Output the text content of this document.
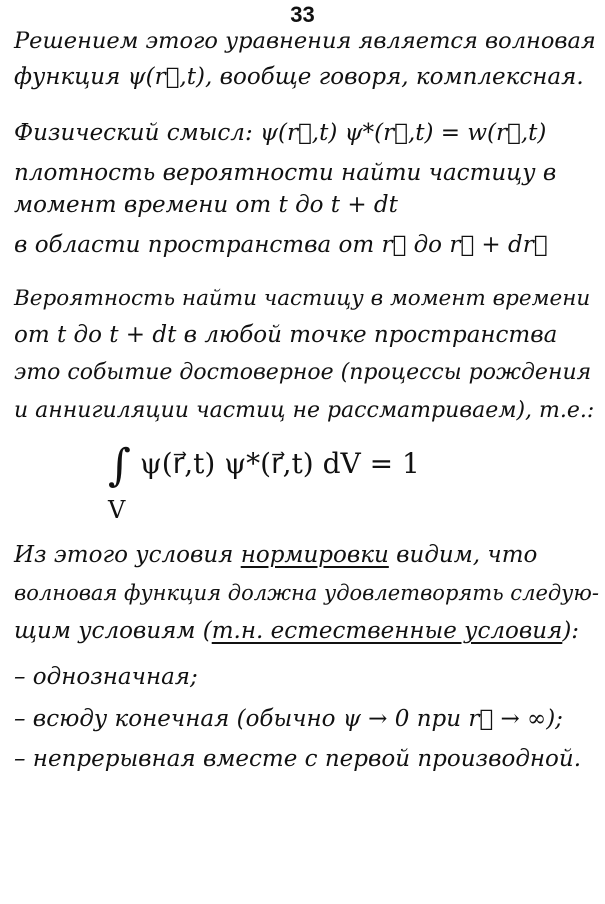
33
Решением этого уравнения является волновая
функция ψ(r⃗,t), вообще говоря, комплексная.
Физический смысл: ψ(r⃗,t) ψ*(r⃗,t) = w(r⃗,t)
плотность вероятности найти частицу в
момент времени от t до t + dt
в области пространства от r⃗ до r⃗ + dr⃗
Вероятность найти частицу в момент времени
от t до t + dt в любой точке пространства
это событие достоверное (процессы рождения
и аннигиляции частиц не рассматриваем), т.е.:
∫ ψ(r⃗,t) ψ*(r⃗,t) dV = 1
V
Из этого условия нормировки видим, что
волновая функция должна удовлетворять следую-
щим условиям (т.н. естественные условия):
– однозначная;
– всюду конечная (обычно ψ → 0 при r⃗ → ∞);
– непрерывная вместе с первой производной.
